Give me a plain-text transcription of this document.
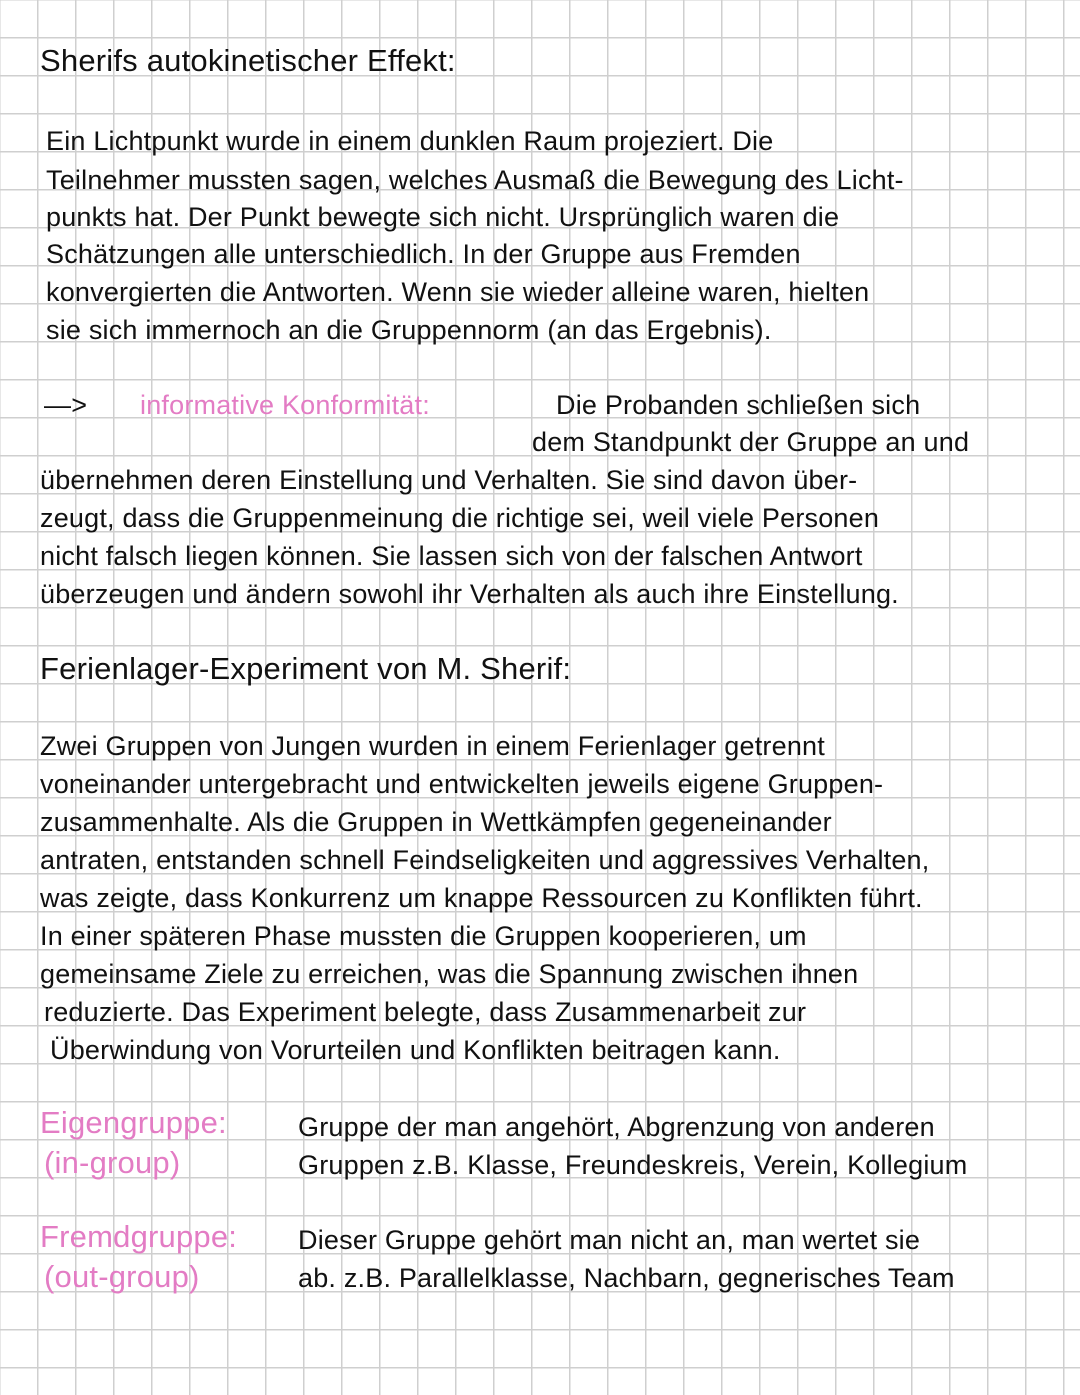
Sherifs autokinetischer Effekt:
Ein Lichtpunkt wurde in einem dunklen Raum projeziert. Die
Teilnehmer mussten sagen, welches Ausmaß die Bewegung des Licht-
punkts hat. Der Punkt bewegte sich nicht. Ursprünglich waren die
Schätzungen alle unterschiedlich. In der Gruppe aus Fremden
konvergierten die Antworten. Wenn sie wieder alleine waren, hielten
sie sich immernoch an die Gruppennorm (an das Ergebnis).
—> informative Konformität:	Die Probanden schließen sich
dem Standpunkt der Gruppe an und
übernehmen deren Einstellung und Verhalten. Sie sind davon über-
zeugt, dass die Gruppenmeinung die richtige sei, weil viele Personen
nicht falsch liegen können. Sie lassen sich von der falschen Antwort
überzeugen und ändern sowohl ihr Verhalten als auch ihre Einstellung.
Ferienlager-Experiment von M. Sherif:
Zwei Gruppen von Jungen wurden in einem Ferienlager getrennt
voneinander untergebracht und entwickelten jeweils eigene Gruppen-
zusammenhalte. Als die Gruppen in Wettkämpfen gegeneinander
antraten, entstanden schnell Feindseligkeiten und aggressives Verhalten,
was zeigte, dass Konkurrenz um knappe Ressourcen zu Konflikten führt.
In einer späteren Phase mussten die Gruppen kooperieren, um
gemeinsame Ziele zu erreichen, was die Spannung zwischen ihnen
reduzierte. Das Experiment belegte, dass Zusammenarbeit zur
Überwindung von Vorurteilen und Konflikten beitragen kann.
Eigengruppe:
(in-group)
Gruppe der man angehört, Abgrenzung von anderen
Gruppen z.B. Klasse, Freundeskreis, Verein, Kollegium
Fremdgruppe:
(out-group)
Dieser Gruppe gehört man nicht an, man wertet sie
ab. z.B. Parallelklasse, Nachbarn, gegnerisches Team
